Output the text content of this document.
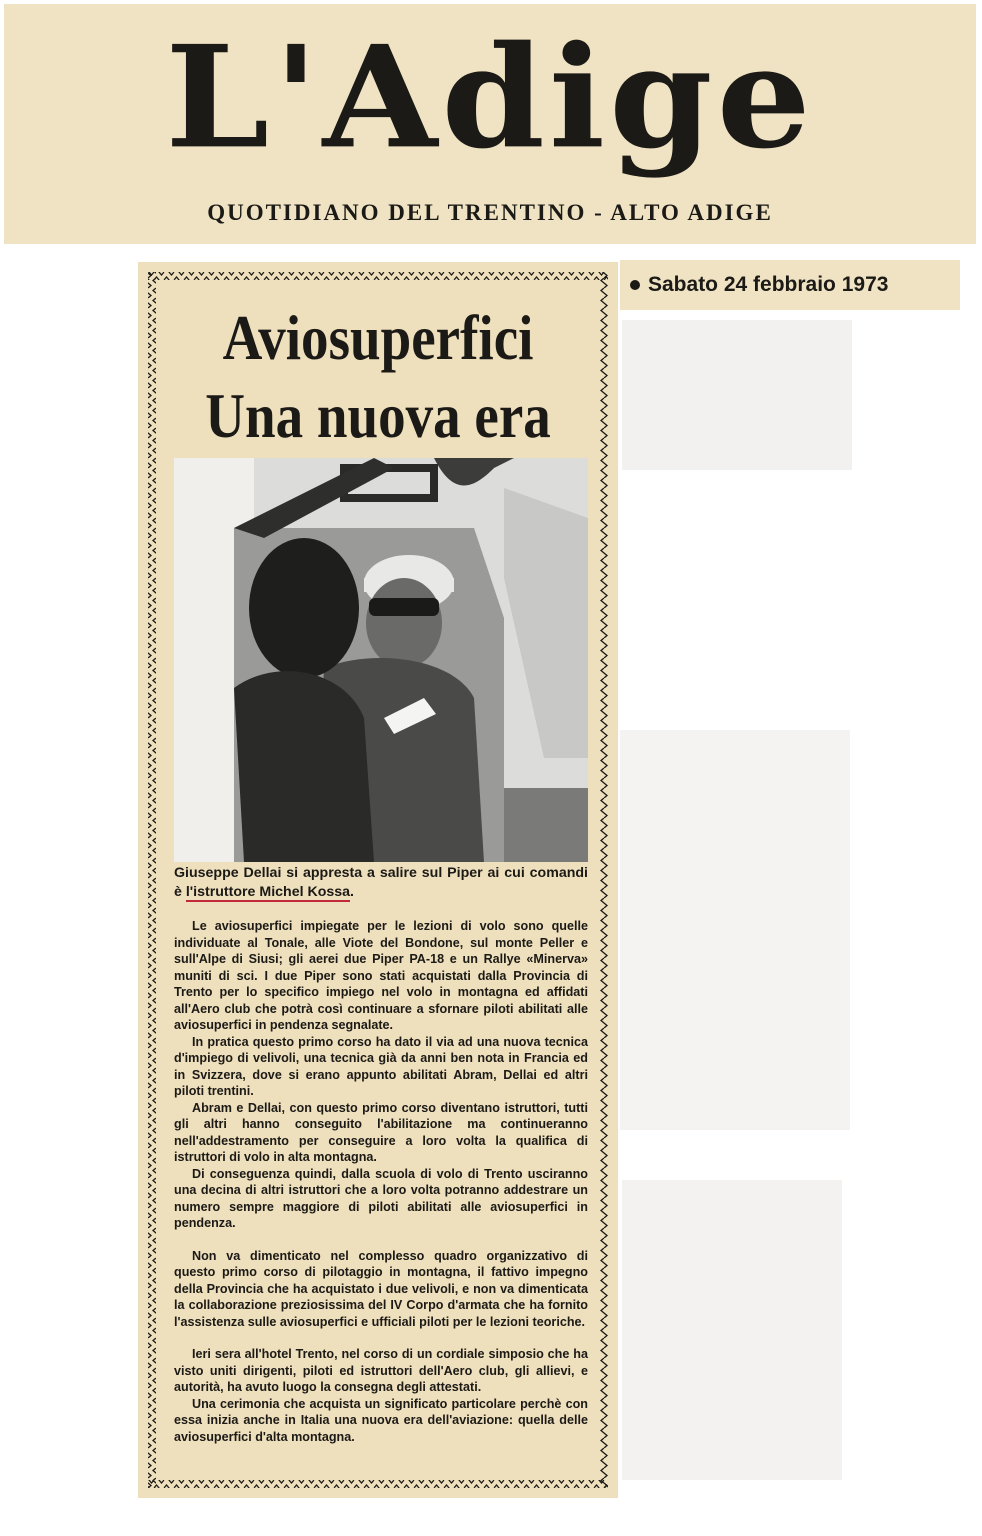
L'Adige
QUOTIDIANO DEL TRENTINO - ALTO ADIGE
Sabato 24 febbraio 1973
Aviosuperfici
Una nuova era
Giuseppe Dellai si appresta a salire sul Piper ai cui comandi è l'istruttore Michel Kossa.

Le aviosuperfici impiegate per le lezioni di volo sono quelle individuate al Tonale, alle Viote del Bondone, sul monte Peller e sull'Alpe di Siusi; gli aerei due Piper PA-18 e un Rallye «Minerva» muniti di sci. I due Piper sono stati acquistati dalla Provincia di Trento per lo specifico impiego nel volo in montagna ed affidati all'Aero club che potrà così continuare a sfornare piloti abilitati alle aviosuperfici in pendenza segnalate.

In pratica questo primo corso ha dato il via ad una nuova tecnica d'impiego di velivoli, una tecnica già da anni ben nota in Francia ed in Svizzera, dove si erano appunto abilitati Abram, Dellai ed altri piloti trentini.

Abram e Dellai, con questo primo corso diventano istruttori, tutti gli altri hanno conseguito l'abilitazione ma continueranno nell'addestramento per conseguire a loro volta la qualifica di istruttori di volo in alta montagna.

Di conseguenza quindi, dalla scuola di volo di Trento usciranno una decina di altri istruttori che a loro volta potranno addestrare un numero sempre maggiore di piloti abilitati alle aviosuperfici in pendenza.

Non va dimenticato nel complesso quadro organizzativo di questo primo corso di pilotaggio in montagna, il fattivo impegno della Provincia che ha acquistato i due velivoli, e non va dimenticata la collaborazione preziosissima del IV Corpo d'armata che ha fornito l'assistenza sulle aviosuperfici e ufficiali piloti per le lezioni teoriche.

Ieri sera all'hotel Trento, nel corso di un cordiale simposio che ha visto uniti dirigenti, piloti ed istruttori dell'Aero club, gli allievi, e autorità, ha avuto luogo la consegna degli attestati.

Una cerimonia che acquista un significato particolare perchè con essa inizia anche in Italia una nuova era dell'aviazione: quella delle aviosuperfici d'alta montagna.
